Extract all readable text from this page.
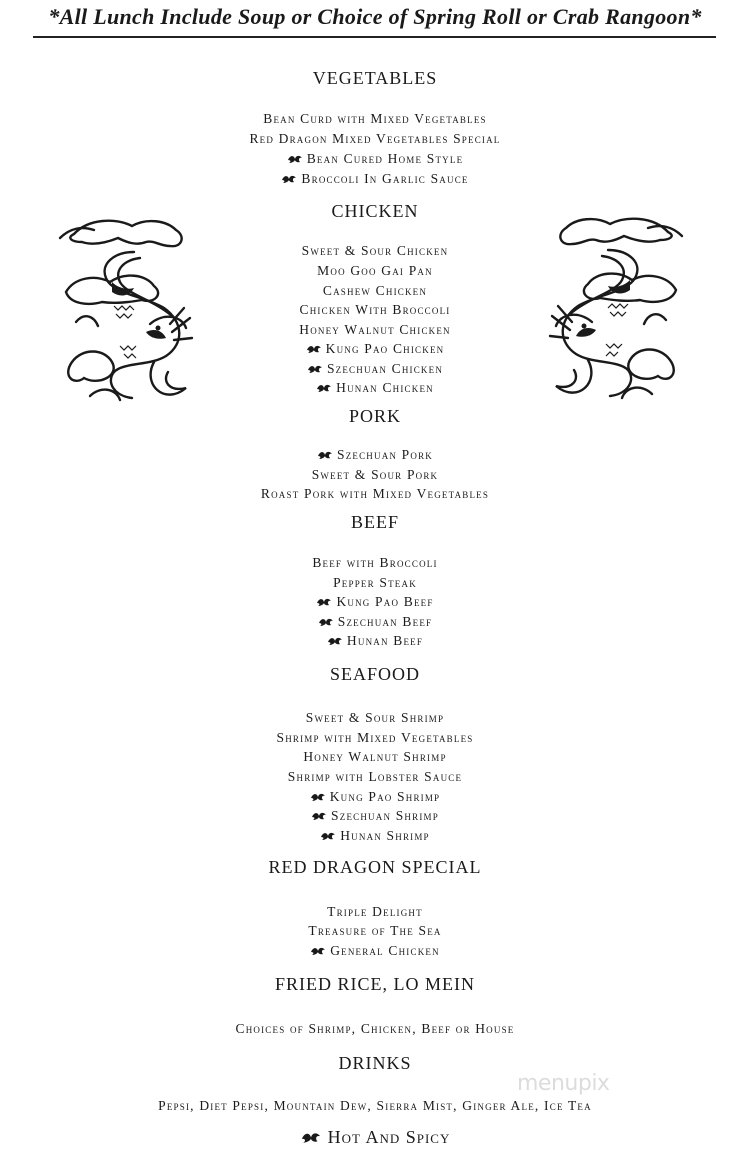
*All Lunch Include Soup or Choice of Spring Roll or Crab Rangoon*
VEGETABLES
Bean Curd with Mixed Vegetables
Red Dragon Mixed Vegetables Special
Bean Cured Home Style
Broccoli In Garlic Sauce
CHICKEN
Sweet & Sour Chicken
Moo Goo Gai Pan
Cashew Chicken
Chicken With Broccoli
Honey Walnut Chicken
Kung Pao Chicken
Szechuan Chicken
Hunan Chicken
PORK
Szechuan Pork
Sweet & Sour Pork
Roast Pork with Mixed Vegetables
BEEF
Beef with Broccoli
Pepper Steak
Kung Pao Beef
Szechuan Beef
Hunan Beef
SEAFOOD
Sweet & Sour Shrimp
Shrimp with Mixed Vegetables
Honey Walnut Shrimp
Shrimp with Lobster Sauce
Kung Pao Shrimp
Szechuan Shrimp
Hunan Shrimp
RED DRAGON SPECIAL
Triple Delight
Treasure of The Sea
General Chicken
FRIED RICE, LO MEIN
Choices of Shrimp, Chicken, Beef or House
DRINKS
Pepsi, Diet Pepsi, Mountain Dew, Sierra Mist, Ginger Ale, Ice Tea
Hot And Spicy
menupix
